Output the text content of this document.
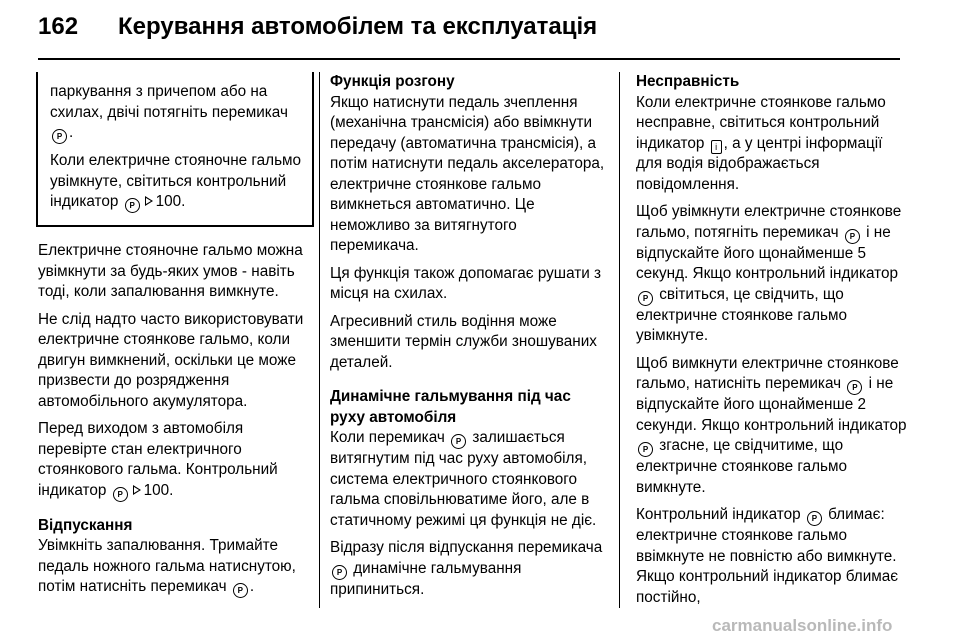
162 Керування автомобілем та експлуатація

паркування з причепом або на схилах, двічі потягніть перемикач P .

Коли електричне стояночне гальмо увімкнуте, світиться контрольний індикатор P 100.

Електричне стояночне гальмо можна увімкнути за будь-яких умов - навіть тоді, коли запалювання вимкнуте.

Не слід надто часто використовувати електричне стоянкове гальмо, коли двигун вимкнений, оскільки це може призвести до розрядження автомобільного акумулятора.

Перед виходом з автомобіля перевірте стан електричного стоянкового гальма. Контрольний індикатор P 100.

Відпускання

Увімкніть запалювання. Тримайте педаль ножного гальма натиснутою, потім натисніть перемикач P .

Функція розгону

Якщо натиснути педаль зчеплення (механічна трансмісія) або ввімкнути передачу (автоматична трансмісія), а потім натиснути педаль акселератора, електричне стоянкове гальмо вимкнеться автоматично. Це неможливо за витягнутого перемикача.

Ця функція також допомагає рушати з місця на схилах.

Агресивний стиль водіння може зменшити термін служби зношуваних деталей.

Динамічне гальмування під час руху автомобіля

Коли перемикач P залишається витягнутим під час руху автомобіля, система електричного стоянкового гальма сповільнюватиме його, але в статичному режимі ця функція не діє.

Відразу після відпускання перемикача P динамічне гальмування припиниться.

Несправність

Коли електричне стоянкове гальмо несправне, світиться контрольний індикатор i , а у центрі інформації для водія відображається повідомлення.

Щоб увімкнути електричне стоянкове гальмо, потягніть перемикач P і не відпускайте його щонайменше 5 секунд. Якщо контрольний індикатор P світиться, це свідчить, що електричне стоянкове гальмо увімкнуте.

Щоб вимкнути електричне стоянкове гальмо, натисніть перемикач P і не відпускайте його щонайменше 2 секунди. Якщо контрольний індикатор P згасне, це свідчитиме, що електричне стоянкове гальмо вимкнуте.

Контрольний індикатор P блимає: електричне стоянкове гальмо ввімкнуте не повністю або вимкнуте. Якщо контрольний індикатор блимає постійно,

carmanualsonline.info
